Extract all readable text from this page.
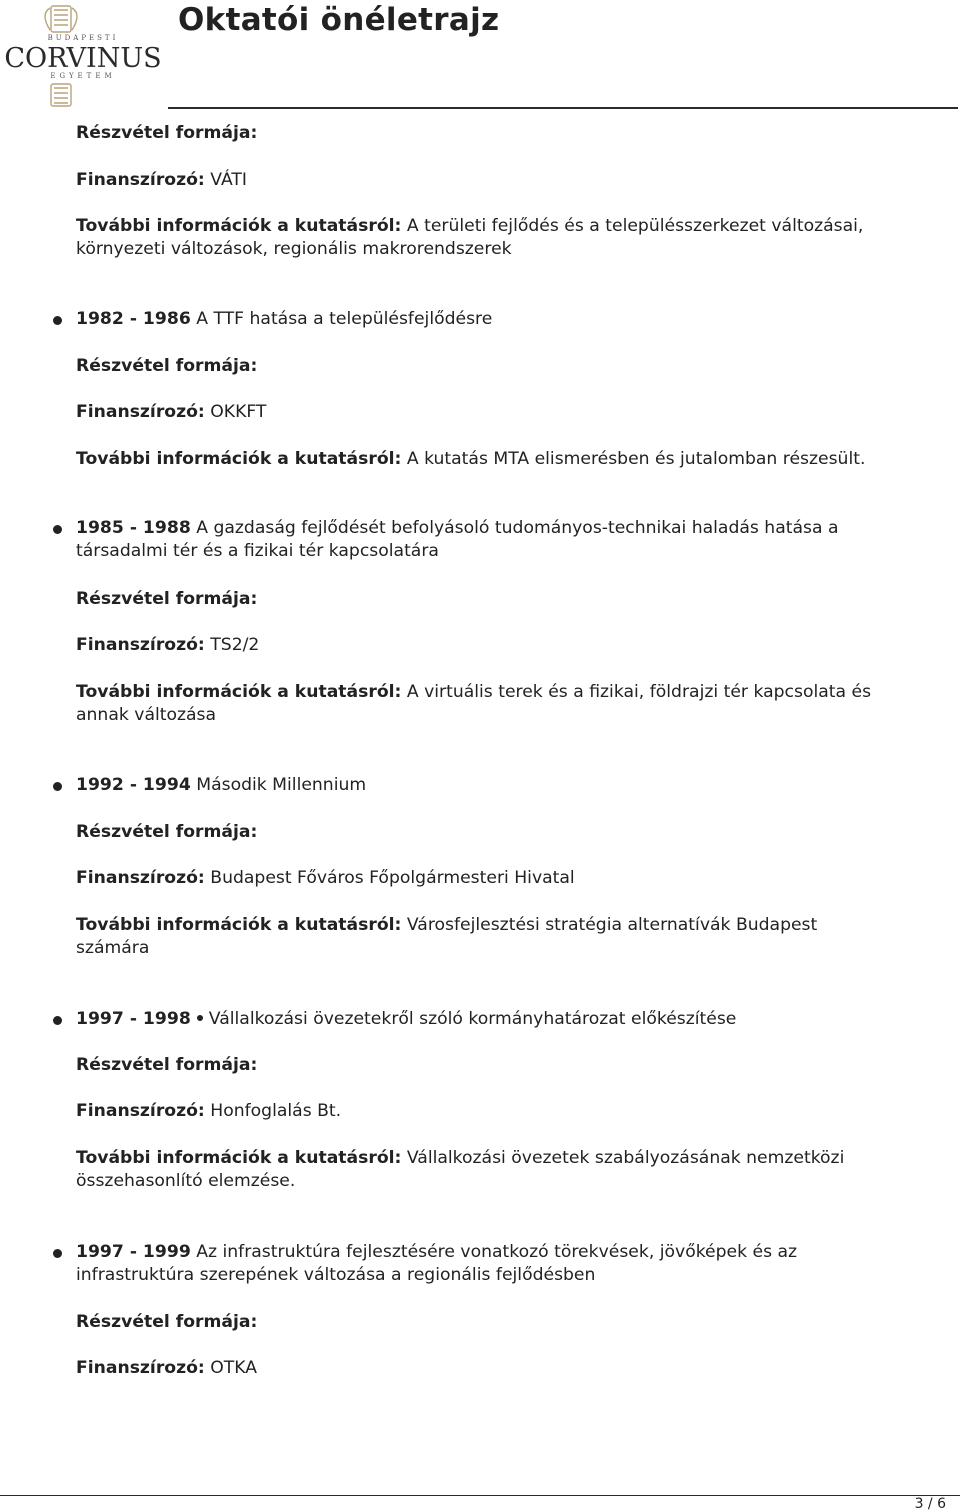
BUDAPESTI
CORVINUS
EGYETEM
Oktatói önéletrajz
Részvétel formája:
Finanszírozó: VÁTI
További információk a kutatásról: A területi fejlődés és a településszerkezet változásai,
környezeti változások, regionális makrorendszerek
1982 - 1986 A TTF hatása a településfejlődésre
Részvétel formája:
Finanszírozó: OKKFT
További információk a kutatásról: A kutatás MTA elismerésben és jutalomban részesült.
1985 - 1988 A gazdaság fejlődését befolyásoló tudományos-technikai haladás hatása a
társadalmi tér és a fizikai tér kapcsolatára
Részvétel formája:
Finanszírozó: TS2/2
További információk a kutatásról: A virtuális terek és a fizikai, földrajzi tér kapcsolata és
annak változása
1992 - 1994 Második Millennium
Részvétel formája:
Finanszírozó: Budapest Főváros Főpolgármesteri Hivatal
További információk a kutatásról: Városfejlesztési stratégia alternatívák Budapest
számára
1997 - 1998 Vállalkozási övezetekről szóló kormányhatározat előkészítése
Részvétel formája:
Finanszírozó: Honfoglalás Bt.
További információk a kutatásról: Vállalkozási övezetek szabályozásának nemzetközi
összehasonlító elemzése.
1997 - 1999 Az infrastruktúra fejlesztésére vonatkozó törekvések, jövőképek és az
infrastruktúra szerepének változása a regionális fejlődésben
Részvétel formája:
Finanszírozó: OTKA
3 / 6
